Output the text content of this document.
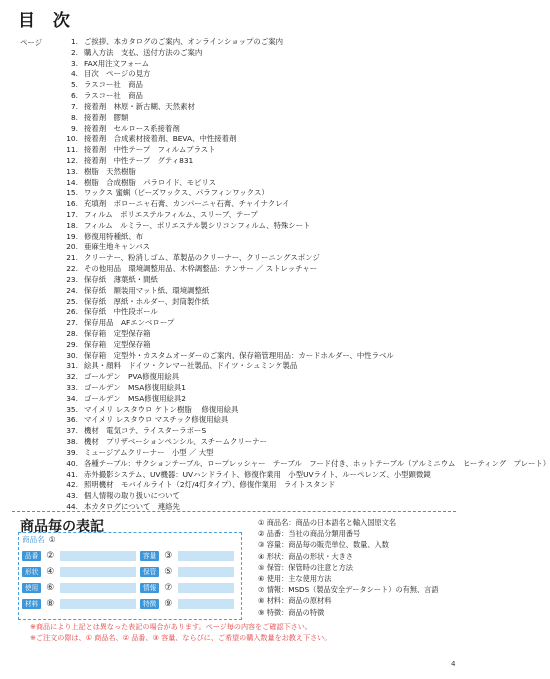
目 次
ページ	1. ご挨拶、本カタログのご案内、オンラインショップのご案内
2. 購入方法　支払、送付方法のご案内
3. FAX用注文フォーム
4. 目次　ページの見方
5. ラスコー社　商品
6. ラスコー社　商品
7. 接着剤　林原・新古糊、天然素材
8. 接着剤　膠類
9. 接着剤　セルロース系接着剤
10. 接着剤　合成素材接着剤、BEVA、中性接着剤
11. 接着剤　中性テープ　フィルムプラスト
12. 接着剤　中性テープ　グティ831
13. 樹脂　天然樹脂
14. 樹脂　合成樹脂　パラロイド、モビリス
15. ワックス 蜜蝋（ビーズワックス、パラフィンワックス）
16. 充填剤　ボローニャ石膏、カンパーニャ石膏、チャイナクレイ
17. フィルム　ポリエステルフィルム、スリーブ、テープ
18. フィルム　ルミラー、ポリエステル製シリコンフィルム、特殊シート
19. 修復用特種紙、布
20. 亜麻生地キャンバス
21. クリーナー、粉消しゴム、革製品のクリーナー、クリーニングスポンジ
22. その他用品　環境調整用品、木枠調整品：テンサー ／ ストレッチャー
23. 保存紙　薄葉紙・間紙
24. 保存紙　額装用マット紙、環境調整紙
25. 保存紙　厚紙・ホルダー、封筒製作紙
26. 保存紙　中性段ボール
27. 保存用品　AFエンベロープ
28. 保存箱　定型保存箱
29. 保存箱　定型保存箱
30. 保存箱　定型外・カスタムオーダーのご案内、保存箱管理用品：カードホルダー、中性ラベル
31. 絵具・顔料　ドイツ・クレマー社製品、ドイツ・シュミンケ製品
32. ゴールデン　PVA修復用絵具
33. ゴールデン　MSA修復用絵具1
34. ゴールデン　MSA修復用絵具2
35. マイメリ レスタウロ ケトン樹脂　 修復用絵具
36. マイメリ レスタウロ マスチック修復用絵具
37. 機材　電気コテ、ライスターラボーS
38. 機材　プリザベーションペンシル、スチームクリーナー
39. ミュージアムクリーナー　小型 ／ 大型
40. 各種テーブル：サクションテーブル、ロープレッシャー　テーブル　フード付き、ホットテーブル（アルミニウム　ヒーティング　プレート）
41. 赤外撮影システム、UV機器：UVハンドライト、修復作業用　小型UVライト、ルーペレンズ、小型顕微鏡
42. 照明機材　モバイルライト（2灯/4灯タイプ）、修復作業用　ライトスタンド
43. 個人情報の取り扱いについて
44. 本カタログについて　連絡先
商品毎の表記
商品名 ①
品番 ②
形状 ④
使用 ⑥
材料 ⑧
容量 ③
保管 ⑤
情報 ⑦
特徴 ⑨
① 商品名：商品の日本語名と輸入国原文名
② 品番：当社の商品分類用番号
③ 容量：商品毎の販売単位、数量、入数
④ 形状：商品の形状・大きさ
⑤ 保管：保管時の注意と方法
⑥ 使用：主な使用方法
⑦ 情報：MSDS（製品安全データシート）の有無、言語
⑧ 材料：商品の原材料
⑨ 特徴：商品の特徴
※商品により上記とは異なった表記の場合があります。ページ毎の内容をご確認下さい。
※ご注文の際は、① 商品名、② 品番、③ 容量、ならびに、ご希望の購入数量をお教え下さい。
4
